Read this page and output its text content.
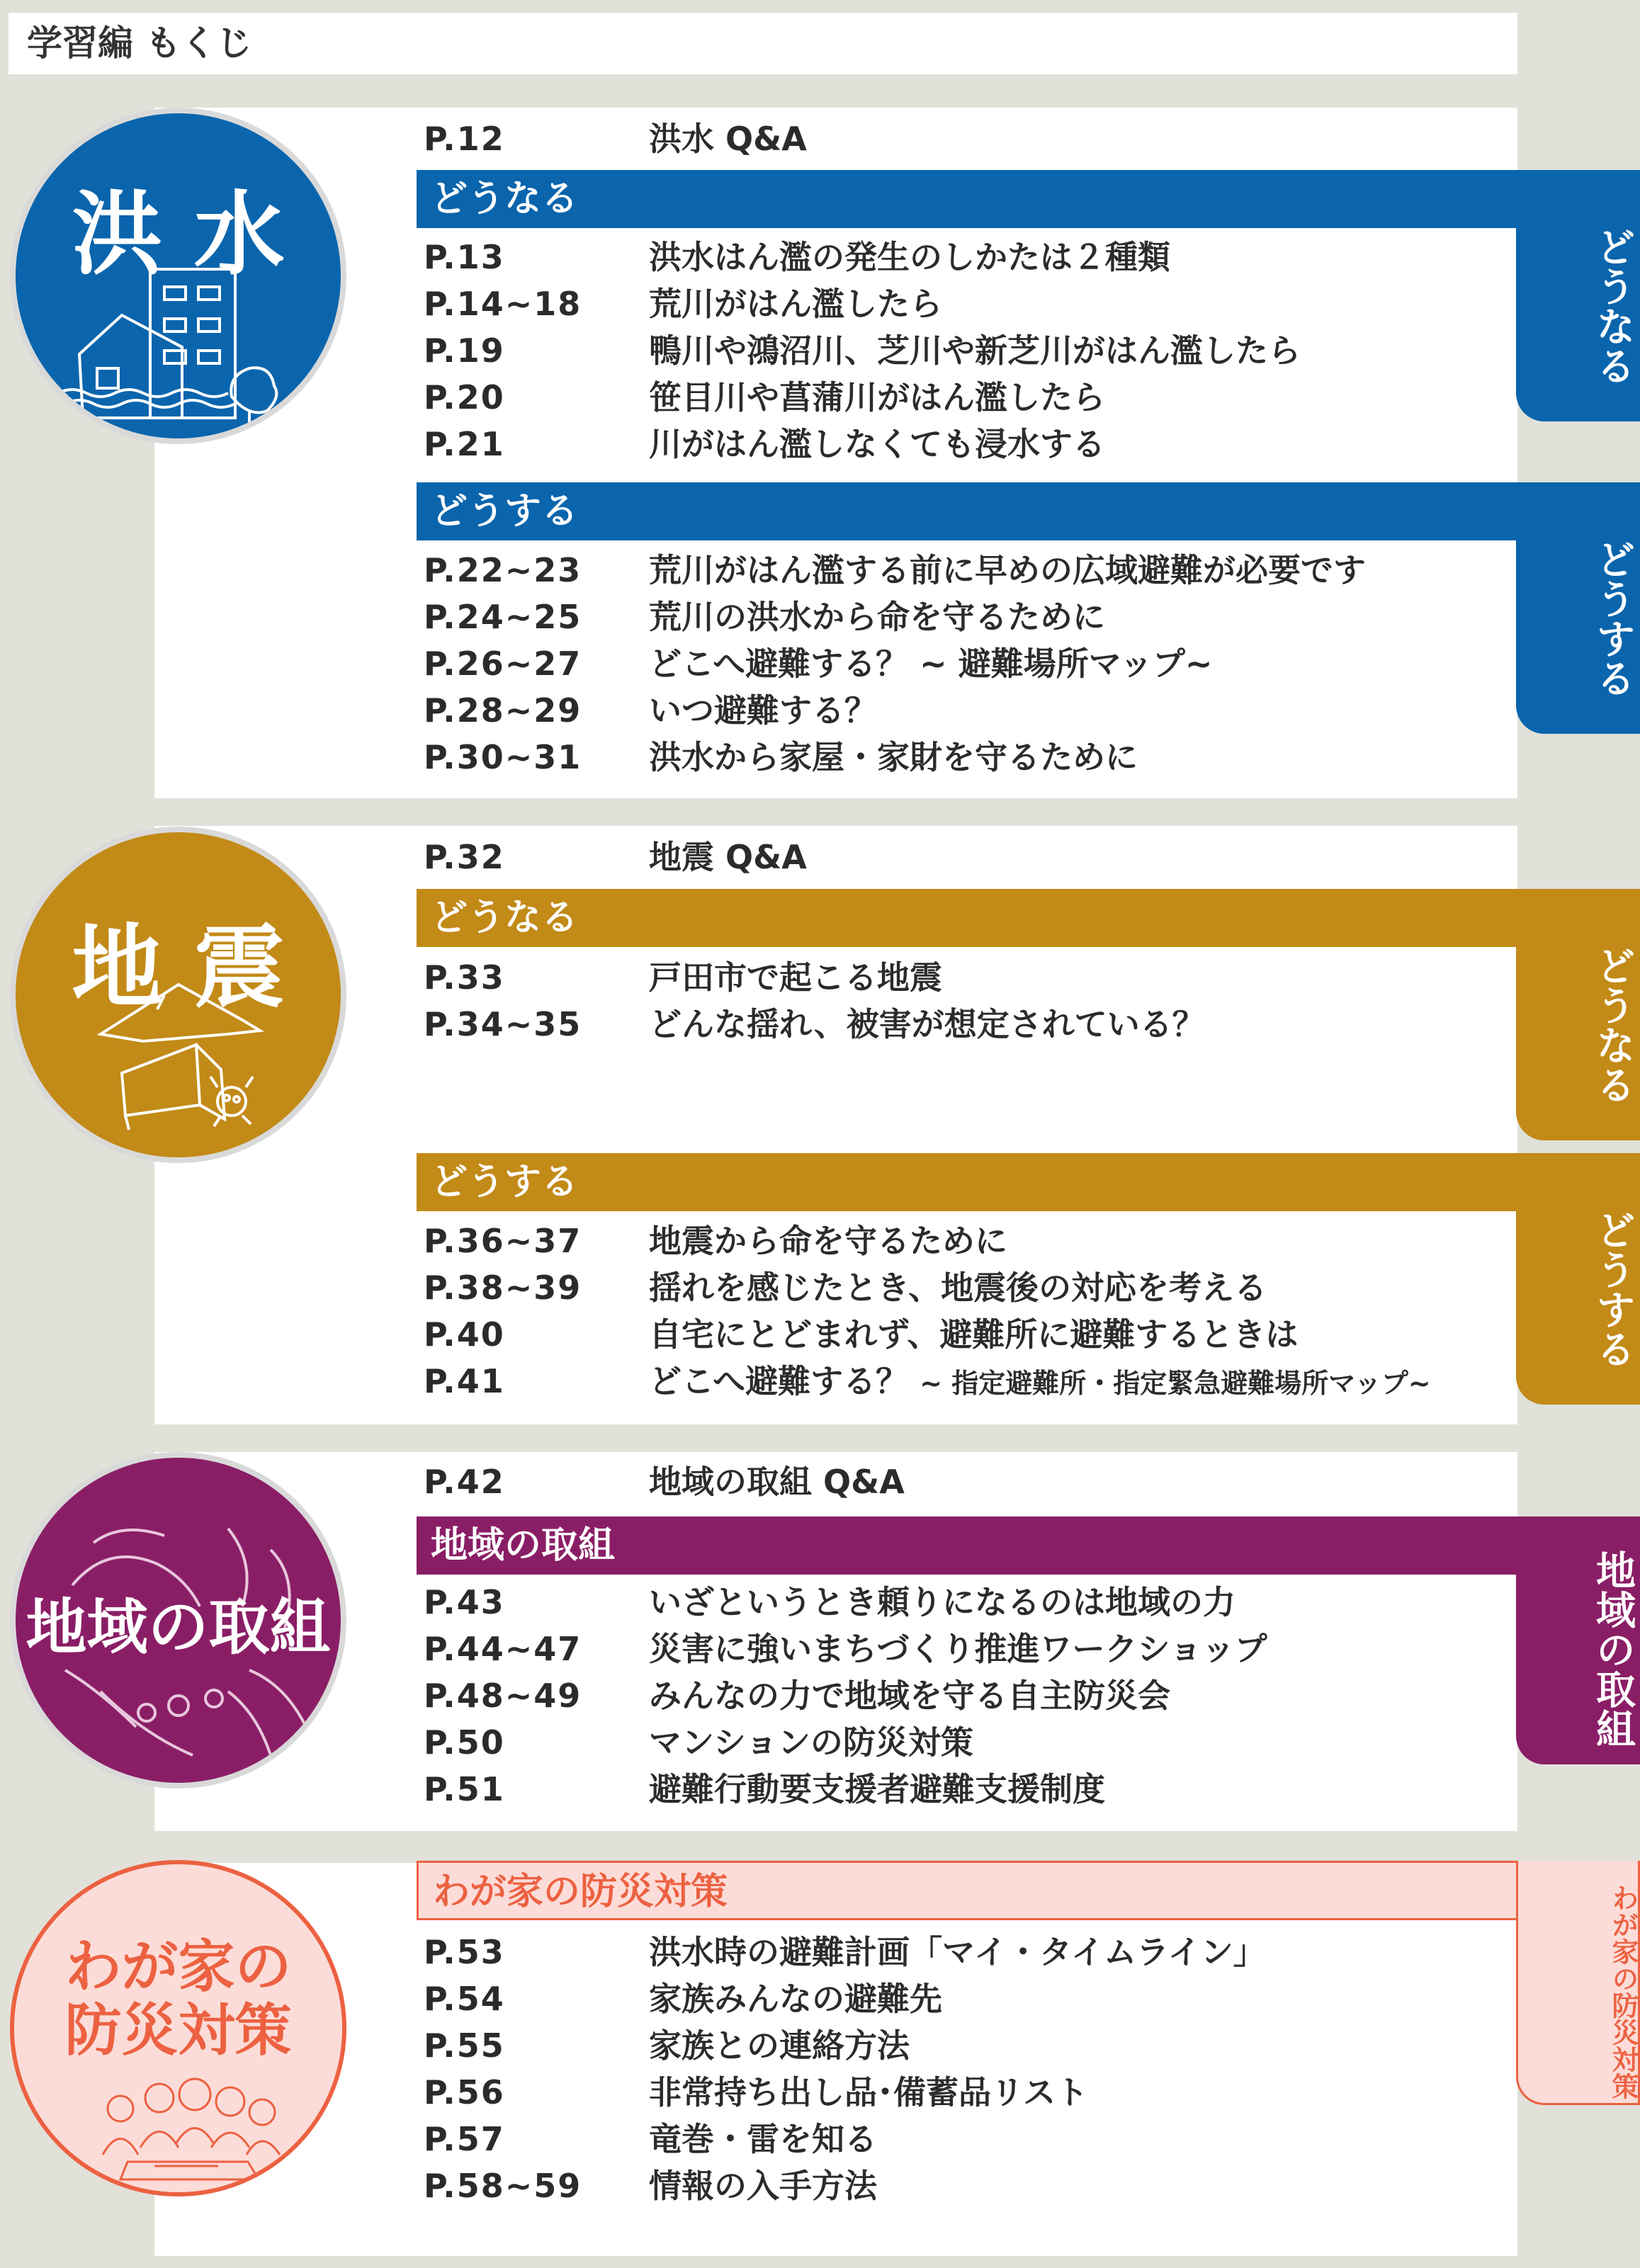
学習編 もくじ
洪 水
P.12	洪水 Q&A
どうなる
どうなる
P.13	洪水はん濫の発生のしかたは２種類
P.14~18 荒川がはん濫したら
P.19	鴨川や鴻沼川、芝川や新芝川がはん濫したら
P.20	笹目川や菖蒲川がはん濫したら
P.21	川がはん濫しなくても浸水する
どうする
どうする
P.22~23 荒川がはん濫する前に早めの広域避難が必要です
P.24~25 荒川の洪水から命を守るために
P.26~27 どこへ避難する？ ~ 避難場所マップ~
P.28~29 いつ避難する？
P.30~31 洪水から家屋・家財を守るために
地 震
P.32	地震 Q&A
どうなる
どうなる
P.33	戸田市で起こる地震
P.34~35 どんな揺れ、被害が想定されている？
どうする
どうする
P.36~37 地震から命を守るために
P.38~39 揺れを感じたとき、地震後の対応を考える
P.40	自宅にとどまれず、避難所に避難するときは
P.41	どこへ避難する？ ~ 指定避難所・指定緊急避難場所マップ~
地域の取組
P.42	地域の取組 Q&A
地域の取組
地域の取組
P.43	いざというとき頼りになるのは地域の力
P.44~47 災害に強いまちづくり推進ワークショップ
P.48~49 みんなの力で地域を守る自主防災会
P.50	マンションの防災対策
P.51	避難行動要支援者避難支援制度
わが家の
防災対策
わが家の防災対策	わが家の防災対策
P.53	洪水時の避難計画「マイ・タイムライン」
P.54	家族みんなの避難先
P.55	家族との連絡方法
P.56	非常持ち出し品･備蓄品リスト
P.57	竜巻・雷を知る
P.58~59 情報の入手方法
